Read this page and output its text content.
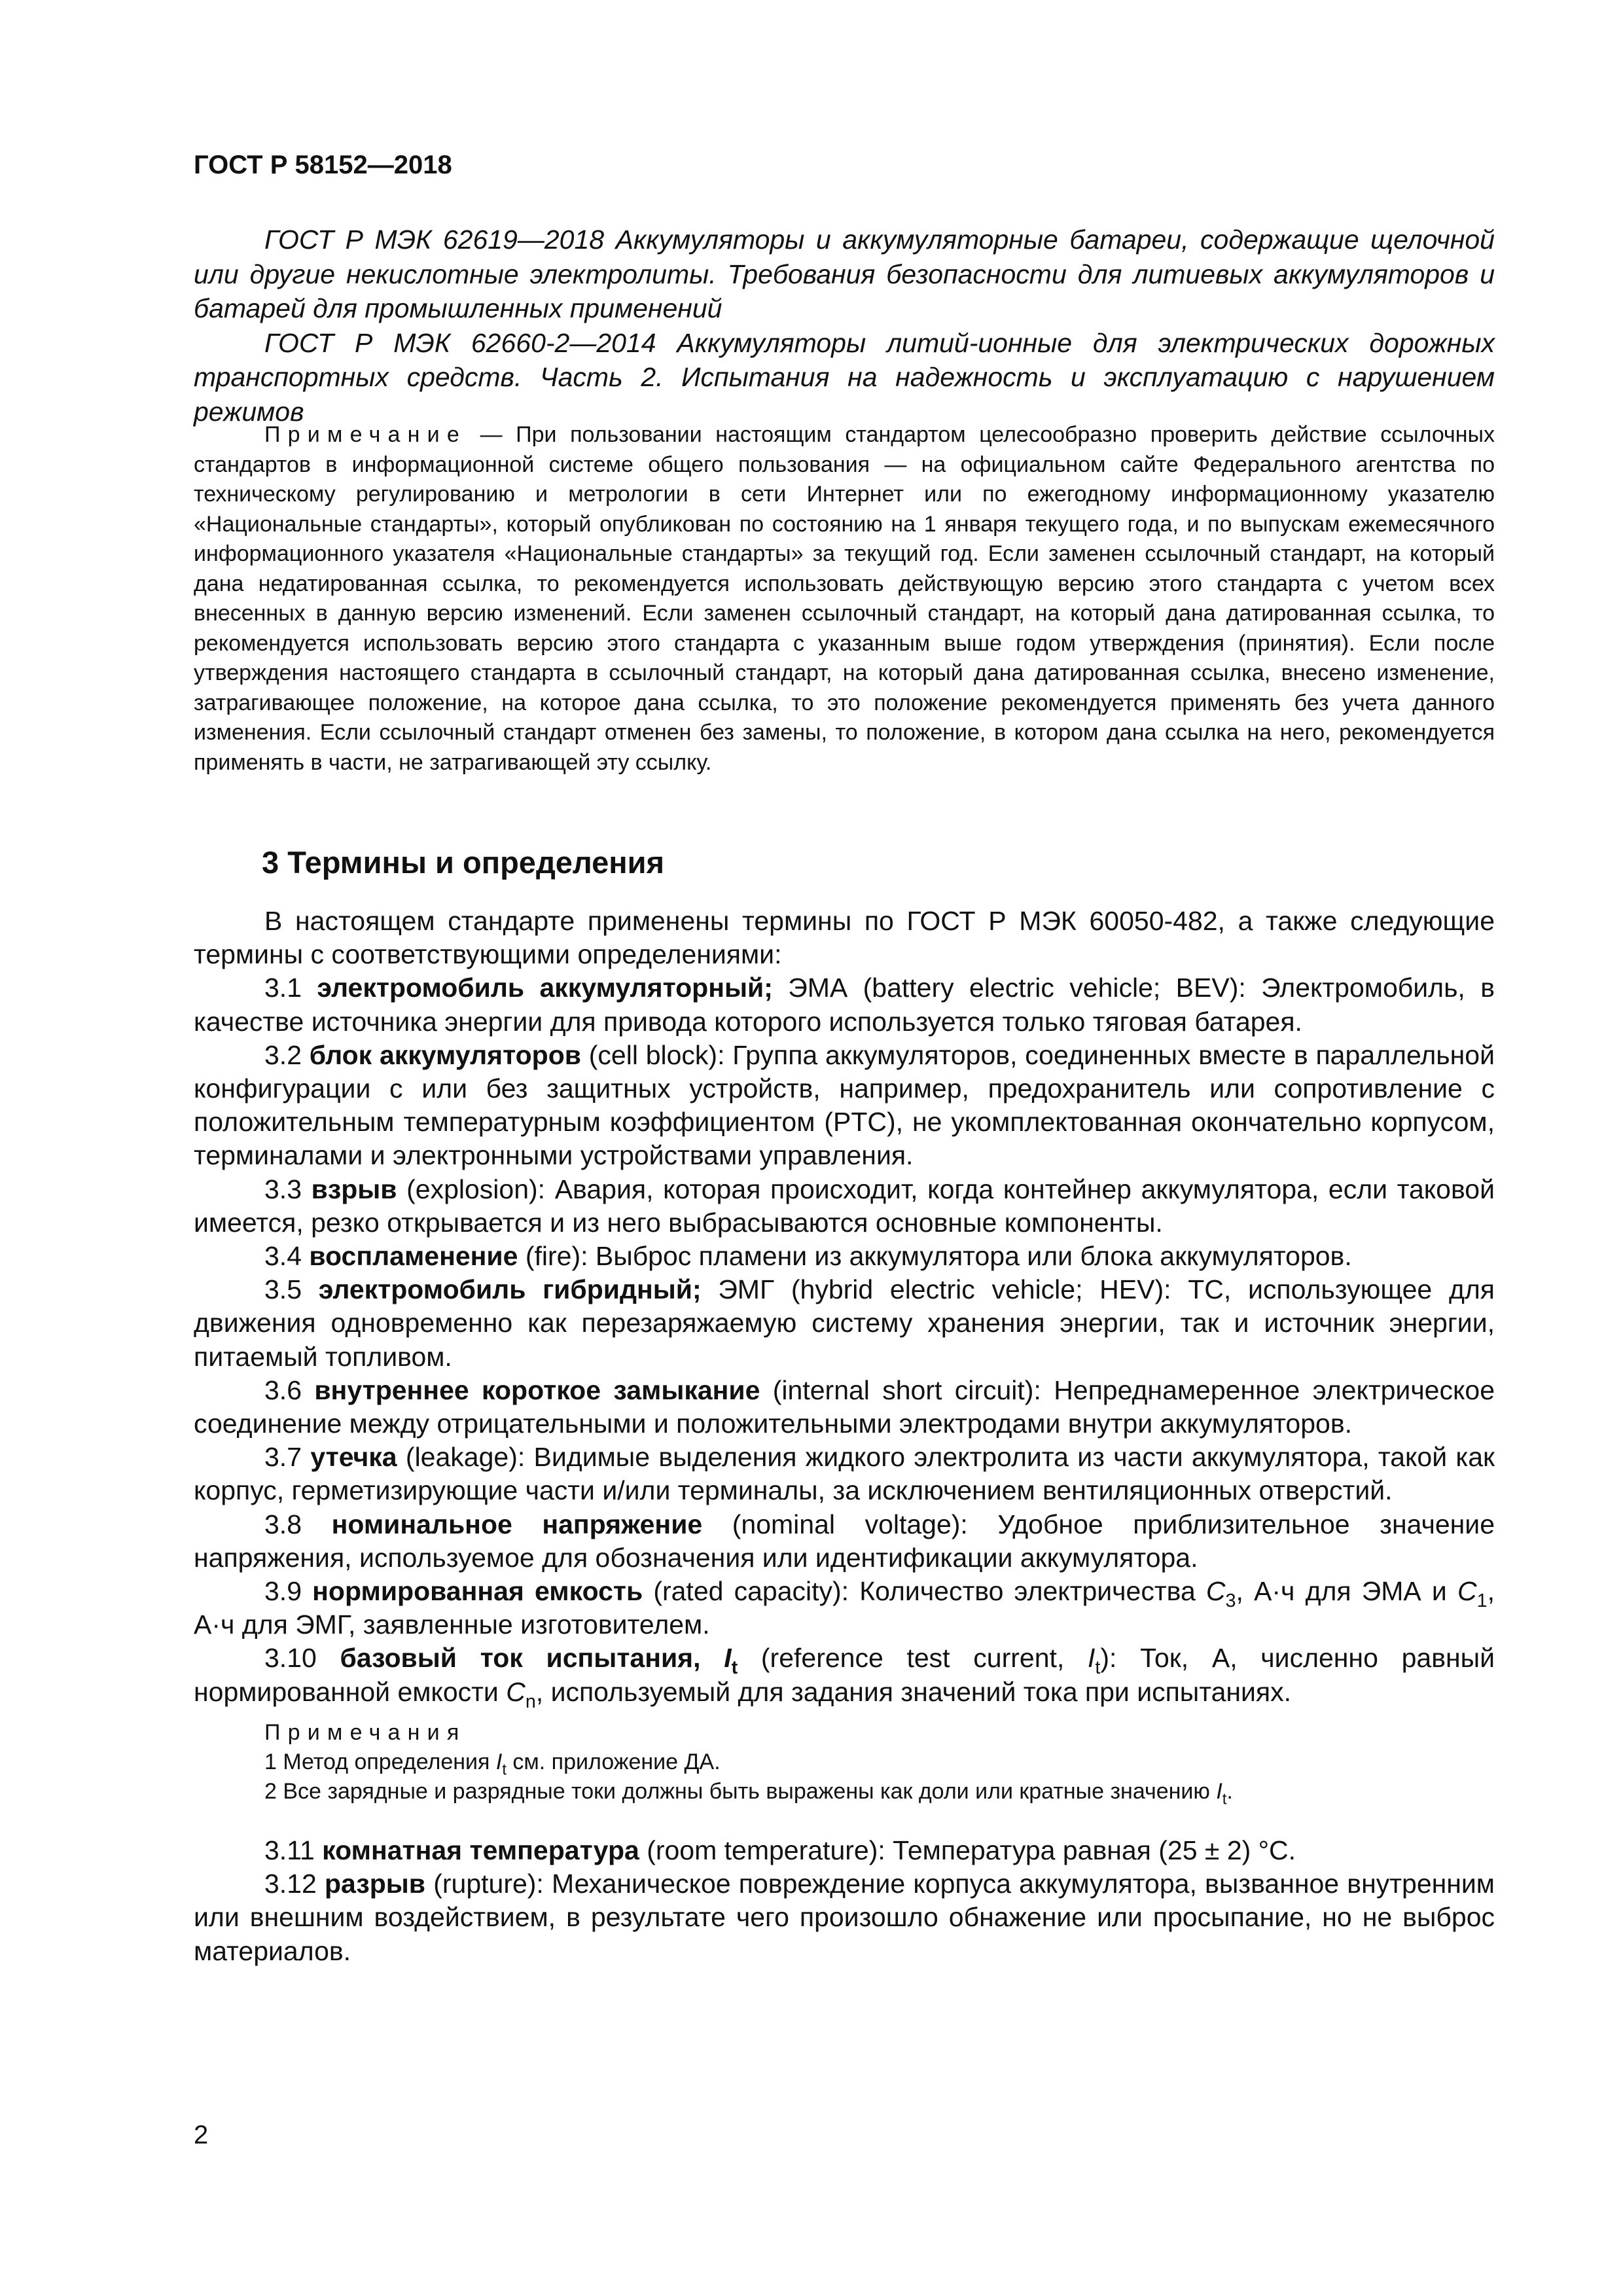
ГОСТ Р 58152—2018

ГОСТ Р МЭК 62619—2018 Аккумуляторы и аккумуляторные батареи, содержащие щелочной или другие некислотные электролиты. Требования безопасности для литиевых аккумуляторов и батарей для промышленных применений

ГОСТ Р МЭК 62660-2—2014 Аккумуляторы литий-ионные для электрических дорожных транспортных средств. Часть 2. Испытания на надежность и эксплуатацию с нарушением режимов

Примечание — При пользовании настоящим стандартом целесообразно проверить действие ссылочных стандартов в информационной системе общего пользования — на официальном сайте Федерального агентства по техническому регулированию и метрологии в сети Интернет или по ежегодному информационному указателю «Национальные стандарты», который опубликован по состоянию на 1 января текущего года, и по выпускам ежемесячного информационного указателя «Национальные стандарты» за текущий год. Если заменен ссылочный стандарт, на который дана недатированная ссылка, то рекомендуется использовать действующую версию этого стандарта с учетом всех внесенных в данную версию изменений. Если заменен ссылочный стандарт, на который дана датированная ссылка, то рекомендуется использовать версию этого стандарта с указанным выше годом утверждения (принятия). Если после утверждения настоящего стандарта в ссылочный стандарт, на который дана датированная ссылка, внесено изменение, затрагивающее положение, на которое дана ссылка, то это положение рекомендуется применять без учета данного изменения. Если ссылочный стандарт отменен без замены, то положение, в котором дана ссылка на него, рекомендуется применять в части, не затрагивающей эту ссылку.

3 Термины и определения

В настоящем стандарте применены термины по ГОСТ Р МЭК 60050-482, а также следующие термины с соответствующими определениями:

3.1 электромобиль аккумуляторный; ЭМА (battery electric vehicle; BEV): Электромобиль, в качестве источника энергии для привода которого используется только тяговая батарея.

3.2 блок аккумуляторов (cell block): Группа аккумуляторов, соединенных вместе в параллельной конфигурации с или без защитных устройств, например, предохранитель или сопротивление с положительным температурным коэффициентом (PTC), не укомплектованная окончательно корпусом, терминалами и электронными устройствами управления.

3.3 взрыв (explosion): Авария, которая происходит, когда контейнер аккумулятора, если таковой имеется, резко открывается и из него выбрасываются основные компоненты.

3.4 воспламенение (fire): Выброс пламени из аккумулятора или блока аккумуляторов.

3.5 электромобиль гибридный; ЭМГ (hybrid electric vehicle; HEV): ТС, использующее для движения одновременно как перезаряжаемую систему хранения энергии, так и источник энергии, питаемый топливом.

3.6 внутреннее короткое замыкание (internal short circuit): Непреднамеренное электрическое соединение между отрицательными и положительными электродами внутри аккумуляторов.

3.7 утечка (leakage): Видимые выделения жидкого электролита из части аккумулятора, такой как корпус, герметизирующие части и/или терминалы, за исключением вентиляционных отверстий.

3.8 номинальное напряжение (nominal voltage): Удобное приблизительное значение напряжения, используемое для обозначения или идентификации аккумулятора.

3.9 нормированная емкость (rated capacity): Количество электричества $C_3$, А·ч для ЭМА и $C_1$, А·ч для ЭМГ, заявленные изготовителем.

3.10 базовый ток испытания, $I_t$ (reference test current, $I_t$): Ток, А, численно равный нормированной емкости $C_n$, используемый для задания значений тока при испытаниях.

Примечания

1 Метод определения $I_t$ см. приложение ДА.

2 Все зарядные и разрядные токи должны быть выражены как доли или кратные значению $I_t$.

3.11 комнатная температура (room temperature): Температура равная (25 ± 2) °С.

3.12 разрыв (rupture): Механическое повреждение корпуса аккумулятора, вызванное внутренним или внешним воздействием, в результате чего произошло обнажение или просыпание, но не выброс материалов.

2
